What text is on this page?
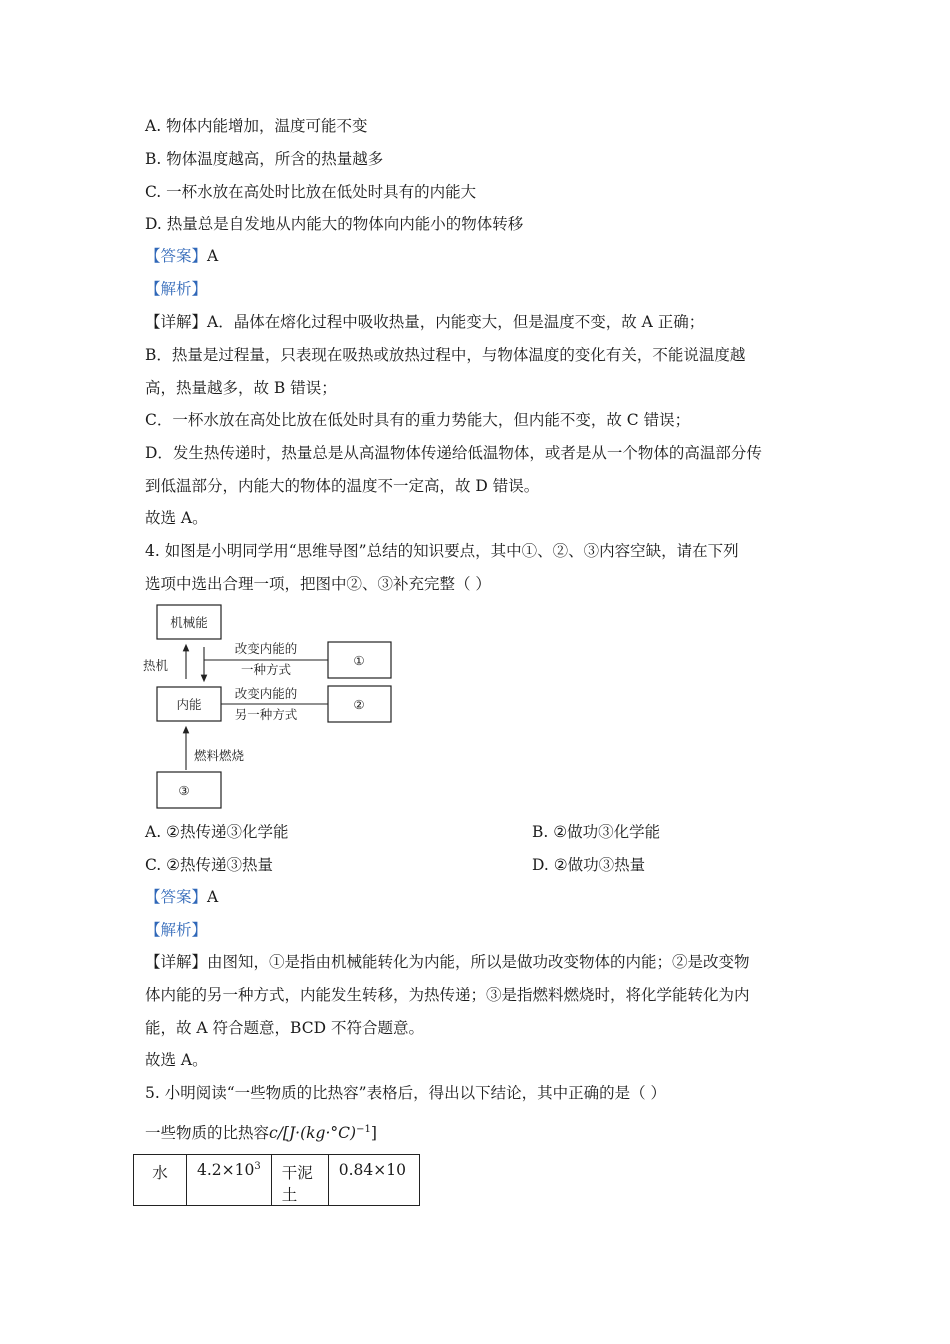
A. 物体内能增加，温度可能不变
B. 物体温度越高，所含的热量越多
C. 一杯水放在高处时比放在低处时具有的内能大
D. 热量总是自发地从内能大的物体向内能小的物体转移
【答案】A
【解析】
【详解】A．晶体在熔化过程中吸收热量，内能变大，但是温度不变，故 A 正确；
B．热量是过程量，只表现在吸热或放热过程中，与物体温度的变化有关，不能说温度越
高，热量越多，故 B 错误；
C．一杯水放在高处比放在低处时具有的重力势能大，但内能不变，故 C 错误；
D．发生热传递时，热量总是从高温物体传递给低温物体，或者是从一个物体的高温部分传
到低温部分，内能大的物体的温度不一定高，故 D 错误。
故选 A。
4. 如图是小明同学用“思维导图”总结的知识要点，其中①、②、③内容空缺，请在下列
选项中选出合理一项，把图中②、③补充完整（ ）
机械能
热机
内能
改变内能的
一种方式
①
改变内能的
另一种方式
②
燃料燃烧
③
A. ②热传递③化学能	B. ②做功③化学能
C. ②热传递③热量	D. ②做功③热量
【答案】A
【解析】
【详解】由图知，①是指由机械能转化为内能，所以是做功改变物体的内能；②是改变物
体内能的另一种方式，内能发生转移，为热传递；③是指燃料燃烧时，将化学能转化为内
能，故 A 符合题意，BCD 不符合题意。
故选 A。
5. 小明阅读“一些物质的比热容”表格后，得出以下结论，其中正确的是（ ）
一些物质的比热容$c/[J\cdot(kg\cdot^\circ C)^{-1}]$
水	$4.2\times 10^3$	干泥土	0.84×10
